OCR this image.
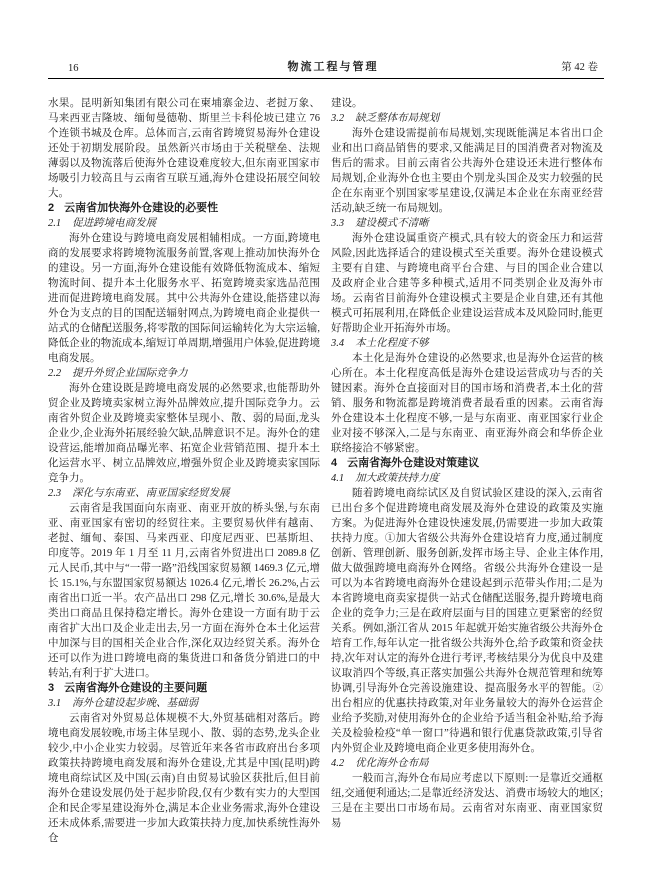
16	物流工程与管理	第 42 卷
水果。昆明新知集团有限公司在柬埔寨金边、老挝万象、马来西亚吉隆坡、缅甸曼德勒、斯里兰卡科伦坡已建立 76 个连锁书城及仓库。总体而言,云南省跨境贸易海外仓建设还处于初期发展阶段。虽然新兴市场由于关税壁垒、法规薄弱以及物流落后使海外仓建设难度较大,但东南亚国家市场吸引力较高且与云南省互联互通,海外仓建设拓展空间较大。
2 云南省加快海外仓建设的必要性
2.1 促进跨境电商发展
海外仓建设与跨境电商发展相辅相成。一方面,跨境电商的发展要求将跨境物流服务前置,客观上推动加快海外仓的建设。另一方面,海外仓建设能有效降低物流成本、缩短物流时间、提升本土化服务水平、拓宽跨境卖家选品范围进而促进跨境电商发展。其中公共海外仓建设,能搭建以海外仓为支点的目的国配送辐射网点,为跨境电商企业提供一站式的仓储配送服务,将零散的国际间运输转化为大宗运输,降低企业的物流成本,缩短订单周期,增强用户体验,促进跨境电商发展。
2.2 提升外贸企业国际竞争力
海外仓建设既是跨境电商发展的必然要求,也能帮助外贸企业及跨境卖家树立海外品牌效应,提升国际竞争力。云南省外贸企业及跨境卖家整体呈现小、散、弱的局面,龙头企业少,企业海外拓展经验欠缺,品牌意识不足。海外仓的建设营运,能增加商品曝光率、拓宽企业营销范围、提升本土化运营水平、树立品牌效应,增强外贸企业及跨境卖家国际竞争力。
2.3 深化与东南亚、南亚国家经贸发展
云南省是我国面向东南亚、南亚开放的桥头堡,与东南亚、南亚国家有密切的经贸往来。主要贸易伙伴有越南、老挝、缅甸、泰国、马来西亚、印度尼西亚、巴基斯坦、印度等。2019 年 1 月至 11 月,云南省外贸进出口 2089.8 亿元人民币,其中与“一带一路”沿线国家贸易额 1469.3 亿元,增长 15.1%,与东盟国家贸易额达 1026.4 亿元,增长 26.2%,占云南省出口近一半。农产品出口 298 亿元,增长 30.6%,是最大类出口商品且保持稳定增长。海外仓建设一方面有助于云南省扩大出口及企业走出去,另一方面在海外仓本土化运营中加深与目的国相关企业合作,深化双边经贸关系。海外仓还可以作为进口跨境电商的集货进口和备货分销进口的中转站,有利于扩大进口。
3 云南省海外仓建设的主要问题
3.1 海外仓建设起步晚、基础弱
云南省对外贸易总体规模不大,外贸基础相对落后。跨境电商发展较晚,市场主体呈现小、散、弱的态势,龙头企业较少,中小企业实力较弱。尽管近年来各省市政府出台多项政策扶持跨境电商发展和海外仓建设,尤其是中国(昆明)跨境电商综试区及中国(云南)自由贸易试验区获批后,但目前海外仓建设发展仍处于起步阶段,仅有少数有实力的大型国企和民企零星建设海外仓,满足本企业业务需求,海外仓建设还未成体系,需要进一步加大政策扶持力度,加快系统性海外仓
建设。
3.2 缺乏整体布局规划
海外仓建设需提前布局规划,实现既能满足本省出口企业和出口商品销售的要求,又能满足目的国消费者对物流及售后的需求。目前云南省公共海外仓建设还未进行整体布局规划,企业海外仓也主要由个别龙头国企及实力较强的民企在东南亚个别国家零星建设,仅满足本企业在东南亚经营活动,缺乏统一布局规划。
3.3 建设模式不清晰
海外仓建设属重资产模式,具有较大的资金压力和运营风险,因此选择适合的建设模式至关重要。海外仓建设模式主要有自建、与跨境电商平台合建、与目的国企业合建以及政府企业合建等多种模式,适用不同类别企业及海外市场。云南省目前海外仓建设模式主要是企业自建,还有其他模式可拓展利用,在降低企业建设运营成本及风险同时,能更好帮助企业开拓海外市场。
3.4 本土化程度不够
本土化是海外仓建设的必然要求,也是海外仓运营的核心所在。本土化程度高低是海外仓建设运营成功与否的关键因素。海外仓直接面对目的国市场和消费者,本土化的营销、服务和物流都是跨境消费者最看重的因素。云南省海外仓建设本土化程度不够,一是与东南亚、南亚国家行业企业对接不够深入,二是与东南亚、南亚海外商会和华侨企业联络接洽不够紧密。
4 云南省海外仓建设对策建议
4.1 加大政策扶持力度
随着跨境电商综试区及自贸试验区建设的深入,云南省已出台多个促进跨境电商发展及海外仓建设的政策及实施方案。为促进海外仓建设快速发展,仍需要进一步加大政策扶持力度。①加大省级公共海外仓建设培育力度,通过制度创新、管理创新、服务创新,发挥市场主导、企业主体作用,做大做强跨境电商海外仓网络。省级公共海外仓建设一是可以为本省跨境电商海外仓建设起到示范带头作用;二是为本省跨境电商卖家提供一站式仓储配送服务,提升跨境电商企业的竞争力;三是在政府层面与目的国建立更紧密的经贸关系。例如,浙江省从 2015 年起就开始实施省级公共海外仓培育工作,每年认定一批省级公共海外仓,给予政策和资金扶持,次年对认定的海外仓进行考评,考核结果分为优良中及建议取消四个等级,真正落实加强公共海外仓规范管理和统筹协调,引导海外仓完善设施建设、提高服务水平的智能。②出台相应的优惠扶持政策,对年业务量较大的海外仓运营企业给予奖励,对使用海外仓的企业给予适当租金补贴,给予海关及检验检疫“单一窗口”待遇和银行优惠贷款政策,引导省内外贸企业及跨境电商企业更多使用海外仓。
4.2 优化海外仓布局
一般而言,海外仓布局应考虑以下原则:一是靠近交通枢纽,交通便利通达;二是靠近经济发达、消费市场较大的地区;三是在主要出口市场布局。云南省对东南亚、南亚国家贸易
